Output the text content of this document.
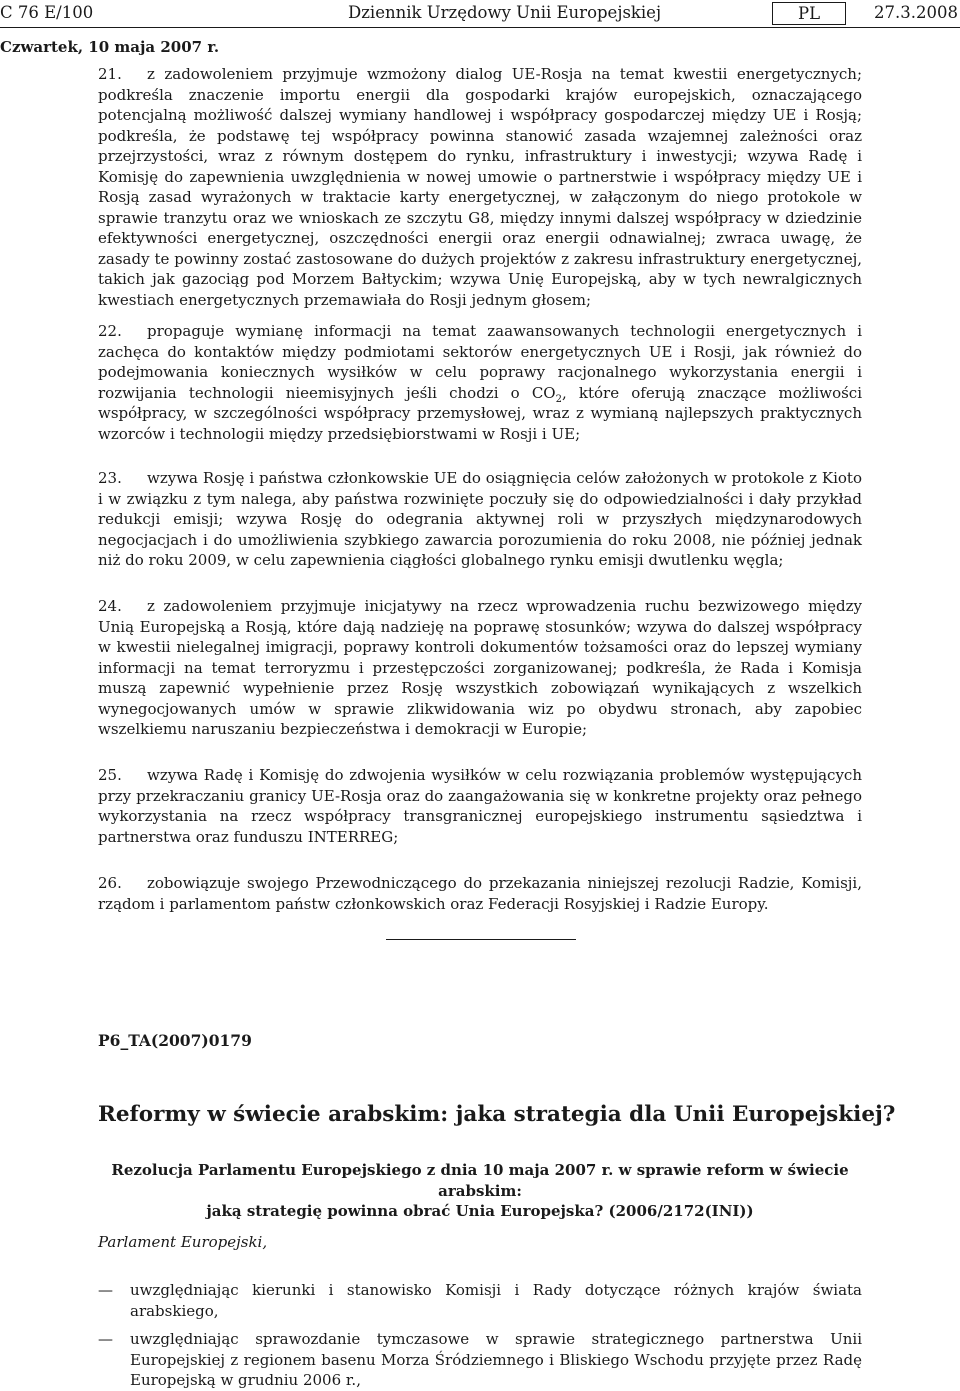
C 76 E/100	Dziennik Urzędowy Unii Europejskiej	PL	27.3.2008
Czwartek, 10 maja 2007 r.

21. z zadowoleniem przyjmuje wzmożony dialog UE-Rosja na temat kwestii energetycznych; podkreśla znaczenie importu energii dla gospodarki krajów europejskich, oznaczającego potencjalną możliwość dalszej wymiany handlowej i współpracy gospodarczej między UE i Rosją; podkreśla, że podstawę tej współpracy powinna stanowić zasada wzajemnej zależności oraz przejrzystości, wraz z równym dostępem do rynku, infrastruktury i inwestycji; wzywa Radę i Komisję do zapewnienia uwzględnienia w nowej umowie o partnerstwie i współpracy między UE i Rosją zasad wyrażonych w traktacie karty energetycznej, w załączonym do niego protokole w sprawie tranzytu oraz we wnioskach ze szczytu G8, między innymi dalszej współpracy w dziedzinie efektywności energetycznej, oszczędności energii oraz energii odnawialnej; zwraca uwagę, że zasady te powinny zostać zastosowane do dużych projektów z zakresu infrastruktury energetycznej, takich jak gazociąg pod Morzem Bałtyckim; wzywa Unię Europejską, aby w tych newralgicznych kwestiach energetycznych przemawiała do Rosji jednym głosem;

22. propaguje wymianę informacji na temat zaawansowanych technologii energetycznych i zachęca do kontaktów między podmiotami sektorów energetycznych UE i Rosji, jak również do podejmowania koniecznych wysiłków w celu poprawy racjonalnego wykorzystania energii i rozwijania technologii nieemisyjnych jeśli chodzi o $CO_2$, które oferują znaczące możliwości współpracy, w szczególności współpracy przemysłowej, wraz z wymianą najlepszych praktycznych wzorców i technologii między przedsiębiorstwami w Rosji i UE;

23. wzywa Rosję i państwa członkowskie UE do osiągnięcia celów założonych w protokole z Kioto i w związku z tym nalega, aby państwa rozwinięte poczuły się do odpowiedzialności i dały przykład redukcji emisji; wzywa Rosję do odegrania aktywnej roli w przyszłych międzynarodowych negocjacjach i do umożliwienia szybkiego zawarcia porozumienia do roku 2008, nie później jednak niż do roku 2009, w celu zapewnienia ciągłości globalnego rynku emisji dwutlenku węgla;

24. z zadowoleniem przyjmuje inicjatywy na rzecz wprowadzenia ruchu bezwizowego między Unią Europejską a Rosją, które dają nadzieję na poprawę stosunków; wzywa do dalszej współpracy w kwestii nielegalnej imigracji, poprawy kontroli dokumentów tożsamości oraz do lepszej wymiany informacji na temat terroryzmu i przestępczości zorganizowanej; podkreśla, że Rada i Komisja muszą zapewnić wypełnienie przez Rosję wszystkich zobowiązań wynikających z wszelkich wynegocjowanych umów w sprawie zlikwidowania wiz po obydwu stronach, aby zapobiec wszelkiemu naruszaniu bezpieczeństwa i demokracji w Europie;

25. wzywa Radę i Komisję do zdwojenia wysiłków w celu rozwiązania problemów występujących przy przekraczaniu granicy UE-Rosja oraz do zaangażowania się w konkretne projekty oraz pełnego wykorzystania na rzecz współpracy transgranicznej europejskiego instrumentu sąsiedztwa i partnerstwa oraz funduszu INTERREG;

26. zobowiązuje swojego Przewodniczącego do przekazania niniejszej rezolucji Radzie, Komisji, rządom i parlamentom państw członkowskich oraz Federacji Rosyjskiej i Radzie Europy.

P6_TA(2007)0179
Reformy w świecie arabskim: jaka strategia dla Unii Europejskiej?
Rezolucja Parlamentu Europejskiego z dnia 10 maja 2007 r. w sprawie reform w świecie arabskim:
jaką strategię powinna obrać Unia Europejska? (2006/2172(INI))
Parlament Europejski,
— uwzględniając kierunki i stanowisko Komisji i Rady dotyczące różnych krajów świata arabskiego,
— uwzględniając sprawozdanie tymczasowe w sprawie strategicznego partnerstwa Unii Europejskiej z regionem basenu Morza Śródziemnego i Bliskiego Wschodu przyjęte przez Radę Europejską w grudniu 2006 r.,
